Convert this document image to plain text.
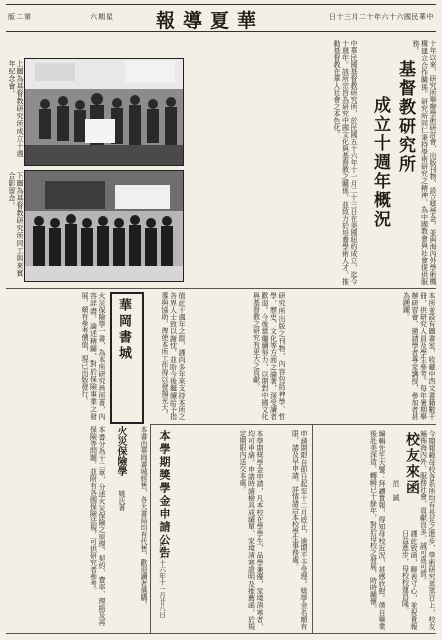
版二第	六期星 報導夏華	日十三月二十年六十六國民華中
上圖為基督教研究所成立十週年紀念會。
下圖為基督教研究所同工與來賓合影留念。
基督教研究所
成立十週年概況
中華民國基督教研究所，於民國五十六年十一月二十三日在美國紐約成立，迄今十週年。該所宗旨為研究中國文化與基督教之關係，並致力於培養學術人才，推動基督教在華人社會之本色化。	十年以來，研究所舉辦學術研討會、出版刊物、設立獎學金，並與海內外學術機構建立合作關係。研究所同仁秉持學術研究之精神，為中國教會與社會提供服務。
本所並設有圖書室，收藏中西文書籍數千冊，供研究人員及學生參考。每年暑期舉辦研習會，邀請學者專家講授，參加者甚為踴躍。
研究所出版之刊物，內容包括神學、哲學、歷史、文化等方面之論著，深受讀者歡迎。今後當繼續努力，以期對中國文化與基督教之研究有更大之貢獻。
值此十週年之際，謹向多年來支持本所之各界人士致以謝忱，並盼今後繼續給予指導與協助，俾使本所工作得以發揚光大。
火災保險學一書，為本所研究員所著，內容詳盡，論述精闢，對於保險事業之發展，頗有參考價值，現已出版發行。
本書分為十二章，分述火災保險之原理、契約、費率、理賠及再保險等問題，並附有各國保險法規，可供研究者參考。
華岡書城
火災保險學
姚氏著	本書由華岡書城經售，各大書局均有代售，歡迎讀者選購。 本學期獎學金申請公告	本學期獎學金申請，凡本校在學學生，品學兼優，家境清寒者，均可申請。申請時請檢具成績單、家境清寒證明及推薦函，於規定期限內送交本處。	申請期限自即日起至十二月底止，逾期不予受理。獎學金名額有限，請及早申請。詳情請洽本校學生事務處。
民國六十六年十一月廿八日
校友來函
范　誠
編輯先生大鑒：拜讀貴報，得知母校近況，甚感欣慰。僕自畢業後赴美深造，轉瞬已十餘年，對於母校之發展，時時關懷。	今閱報載母校各系所均有長足之進步，學術研究蒸蒸日上，校友遍佈海內外，服務社會，貢獻良多，誠可喜可賀。
謹此致函，聊表寸心，並祝貴報日益進步，母校校運昌隆。
